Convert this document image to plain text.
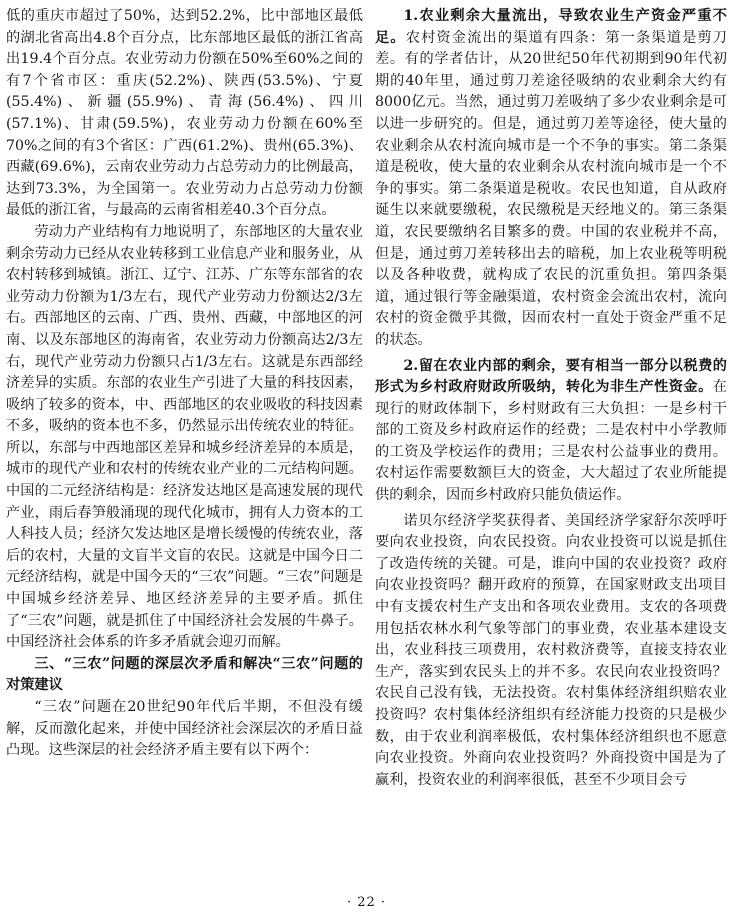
低的重庆市超过了50%，达到52.2%，比中部地区最低的湖北省高出4.8个百分点，比东部地区最低的浙江省高出19.4个百分点。农业劳动力份额在50%至60%之间的有7个省市区：重庆(52.2%)、陕西(53.5%)、宁夏(55.4%)、新疆(55.9%)、青海(56.4%)、四川(57.1%)、甘肃(59.5%)，农业劳动力份额在60%至70%之间的有3个省区：广西(61.2%)、贵州(65.3%)、西藏(69.6%)，云南农业劳动力占总劳动力的比例最高，达到73.3%，为全国第一。农业劳动力占总劳动力份额最低的浙江省，与最高的云南省相差40.3个百分点。

劳动力产业结构有力地说明了，东部地区的大量农业剩余劳动力已经从农业转移到工业信息产业和服务业，从农村转移到城镇。浙江、辽宁、江苏、广东等东部省的农业劳动力份额为1/3左右，现代产业劳动力份额达2/3左右。西部地区的云南、广西、贵州、西藏，中部地区的河南、以及东部地区的海南省，农业劳动力份额高达2/3左右，现代产业劳动力份额只占1/3左右。这就是东西部经济差异的实质。东部的农业生产引进了大量的科技因素，吸纳了较多的资本，中、西部地区的农业吸收的科技因素不多，吸纳的资本也不多，仍然显示出传统农业的特征。所以，东部与中西地部区差异和城乡经济差异的本质是，城市的现代产业和农村的传统农业产业的二元结构问题。中国的二元经济结构是：经济发达地区是高速发展的现代产业，雨后春笋般涌现的现代化城市，拥有人力资本的工人科技人员；经济欠发达地区是增长缓慢的传统农业，落后的农村，大量的文盲半文盲的农民。这就是中国今日二元经济结构，就是中国今天的“三农”问题。“三农”问题是中国城乡经济差异、地区经济差异的主要矛盾。抓住了“三农”问题，就是抓住了中国经济社会发展的牛鼻子。中国经济社会体系的许多矛盾就会迎刃而解。

三、“三农”问题的深层次矛盾和解决“三农”问题的对策建议

“三农”问题在20世纪90年代后半期，不但没有缓解，反而激化起来，并使中国经济社会深层次的矛盾日益凸现。这些深层的社会经济矛盾主要有以下两个：

1.农业剩余大量流出，导致农业生产资金严重不足。农村资金流出的渠道有四条：第一条渠道是剪刀差。有的学者估计，从20世纪50年代初期到90年代初期的40年里，通过剪刀差途径吸纳的农业剩余大约有8000亿元。当然，通过剪刀差吸纳了多少农业剩余是可以进一步研究的。但是，通过剪刀差等途径，使大量的农业剩余从农村流向城市是一个不争的事实。第二条渠道是税收，使大量的农业剩余从农村流向城市是一个不争的事实。第二条渠道是税收。农民也知道，自从政府诞生以来就要缴税，农民缴税是天经地义的。第三条渠道，农民要缴纳名目繁多的费。中国的农业税并不高，但是，通过剪刀差转移出去的暗税，加上农业税等明税以及各种收费，就构成了农民的沉重负担。第四条渠道，通过银行等金融渠道，农村资金会流出农村，流向农村的资金微乎其微，因而农村一直处于资金严重不足的状态。

2.留在农业内部的剩余，要有相当一部分以税费的形式为乡村政府财政所吸纳，转化为非生产性资金。在现行的财政体制下，乡村财政有三大负担：一是乡村干部的工资及乡村政府运作的经费；二是农村中小学教师的工资及学校运作的费用；三是农村公益事业的费用。农村运作需要数额巨大的资金，大大超过了农业所能提供的剩余，因而乡村政府只能负债运作。

诺贝尔经济学奖获得者、美国经济学家舒尔茨呼吁要向农业投资，向农民投资。向农业投资可以说是抓住了改造传统的关键。可是，谁向中国的农业投资？政府向农业投资吗？翻开政府的预算，在国家财政支出项目中有支援农村生产支出和各项农业费用。支农的各项费用包括农林水利气象等部门的事业费，农业基本建设支出，农业科技三项费用，农村救济费等，直接支持农业生产，落实到农民头上的并不多。农民向农业投资吗？农民自己没有钱，无法投资。农村集体经济组织赔农业投资吗？农村集体经济组织有经济能力投资的只是极少数，由于农业利润率极低，农村集体经济组织也不愿意向农业投资。外商向农业投资吗？外商投资中国是为了赢利，投资农业的利润率很低，甚至不少项目会亏

· 22 ·
